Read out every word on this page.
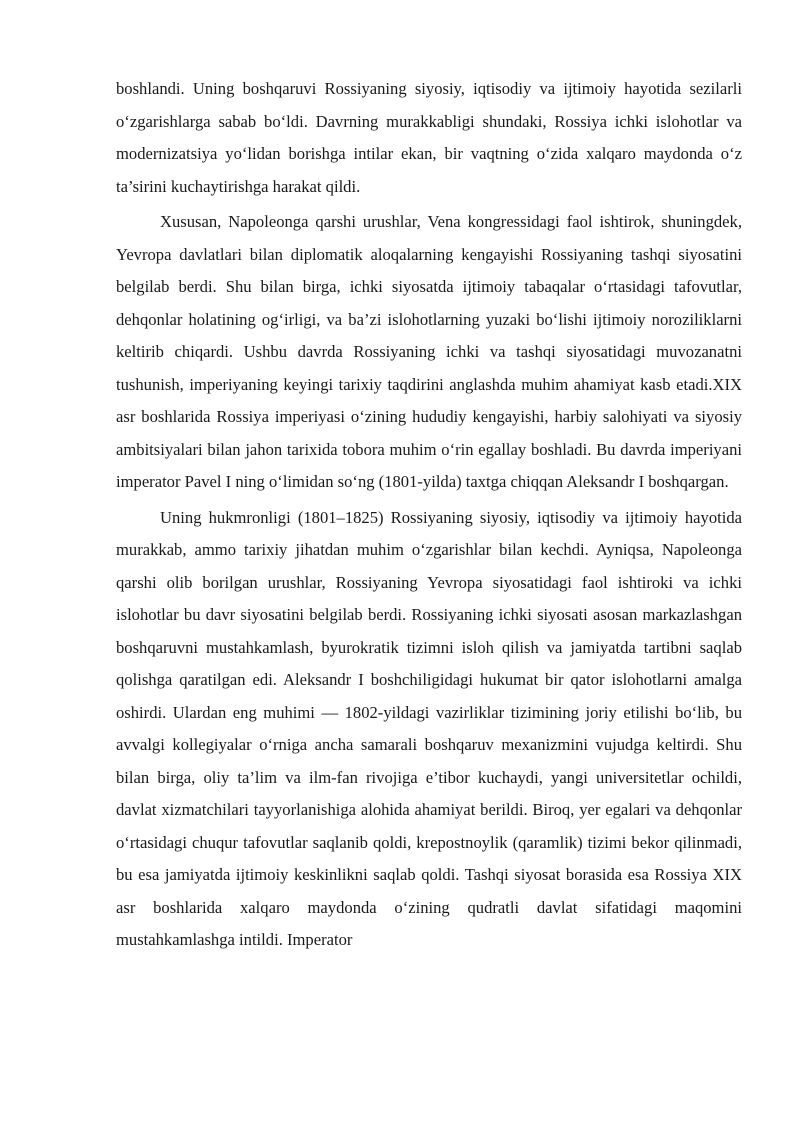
boshlandi. Uning boshqaruvi Rossiyaning siyosiy, iqtisodiy va ijtimoiy hayotida sezilarli o‘zgarishlarga sabab bo‘ldi. Davrning murakkabligi shundaki, Rossiya ichki islohotlar va modernizatsiya yo‘lidan borishga intilar ekan, bir vaqtning o‘zida xalqaro maydonda o‘z ta’sirini kuchaytirishga harakat qildi.

Xususan, Napoleonga qarshi urushlar, Vena kongressidagi faol ishtirok, shuningdek, Yevropa davlatlari bilan diplomatik aloqalarning kengayishi Rossiyaning tashqi siyosatini belgilab berdi. Shu bilan birga, ichki siyosatda ijtimoiy tabaqalar o‘rtasidagi tafovutlar, dehqonlar holatining og‘irligi, va ba’zi islohotlarning yuzaki bo‘lishi ijtimoiy noroziliklarni keltirib chiqardi. Ushbu davrda Rossiyaning ichki va tashqi siyosatidagi muvozanatni tushunish, imperiyaning keyingi tarixiy taqdirini anglashda muhim ahamiyat kasb etadi.XIX asr boshlarida Rossiya imperiyasi o‘zining hududiy kengayishi, harbiy salohiyati va siyosiy ambitsiyalari bilan jahon tarixida tobora muhim o‘rin egallay boshladi. Bu davrda imperiyani imperator Pavel I ning o‘limidan so‘ng (1801-yilda) taxtga chiqqan Aleksandr I boshqargan.

Uning hukmronligi (1801–1825) Rossiyaning siyosiy, iqtisodiy va ijtimoiy hayotida murakkab, ammo tarixiy jihatdan muhim o‘zgarishlar bilan kechdi. Ayniqsa, Napoleonga qarshi olib borilgan urushlar, Rossiyaning Yevropa siyosatidagi faol ishtiroki va ichki islohotlar bu davr siyosatini belgilab berdi. Rossiyaning ichki siyosati asosan markazlashgan boshqaruvni mustahkamlash, byurokratik tizimni isloh qilish va jamiyatda tartibni saqlab qolishga qaratilgan edi. Aleksandr I boshchiligidagi hukumat bir qator islohotlarni amalga oshirdi. Ulardan eng muhimi — 1802-yildagi vazirliklar tizimining joriy etilishi bo‘lib, bu avvalgi kollegiyalar o‘rniga ancha samarali boshqaruv mexanizmini vujudga keltirdi. Shu bilan birga, oliy ta’lim va ilm-fan rivojiga e’tibor kuchaydi, yangi universitetlar ochildi, davlat xizmatchilari tayyorlanishiga alohida ahamiyat berildi. Biroq, yer egalari va dehqonlar o‘rtasidagi chuqur tafovutlar saqlanib qoldi, krepostnoylik (qaramlik) tizimi bekor qilinmadi, bu esa jamiyatda ijtimoiy keskinlikni saqlab qoldi. Tashqi siyosat borasida esa Rossiya XIX asr boshlarida xalqaro maydonda o‘zining qudratli davlat sifatidagi maqomini mustahkamlashga intildi. Imperator
